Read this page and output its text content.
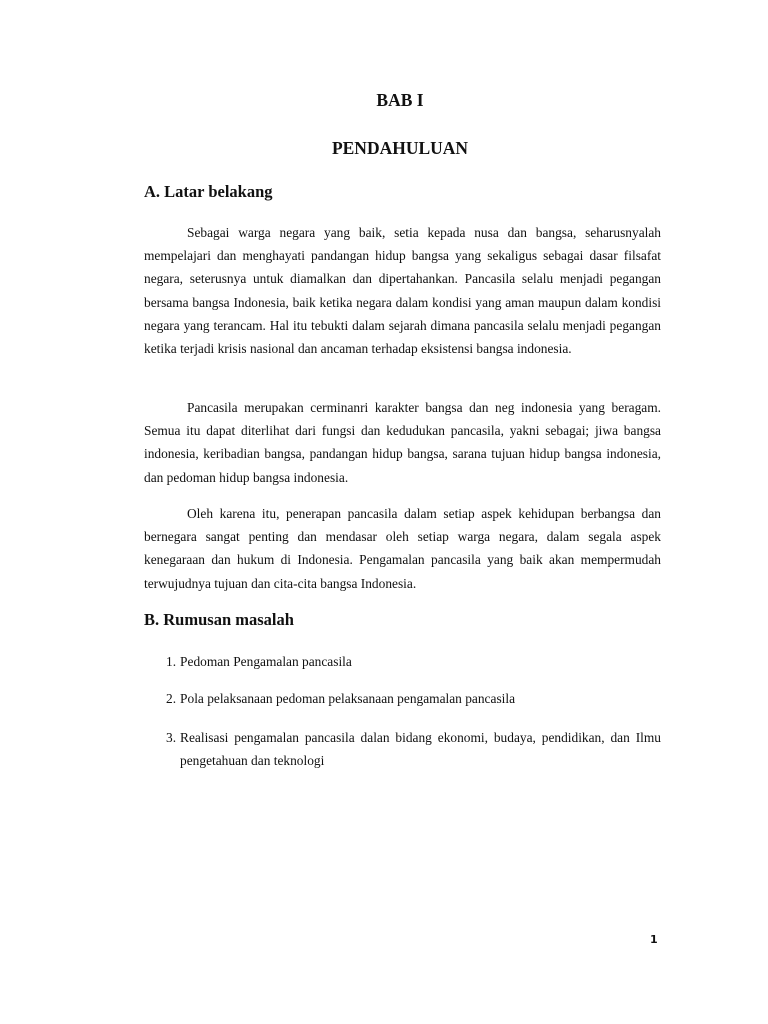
BAB I
PENDAHULUAN
A. Latar belakang

Sebagai warga negara yang baik, setia kepada nusa dan bangsa, seharusnyalah mempelajari dan menghayati pandangan hidup bangsa yang sekaligus sebagai dasar filsafat negara, seterusnya untuk diamalkan dan dipertahankan. Pancasila selalu menjadi pegangan bersama bangsa Indonesia, baik ketika negara dalam kondisi yang aman maupun dalam kondisi negara yang terancam. Hal itu tebukti dalam sejarah dimana pancasila selalu menjadi pegangan ketika terjadi krisis nasional dan ancaman terhadap eksistensi bangsa indonesia.

Pancasila merupakan cerminanri karakter bangsa dan neg indonesia yang beragam. Semua itu dapat diterlihat dari fungsi dan kedudukan pancasila, yakni sebagai; jiwa bangsa indonesia, keribadian bangsa, pandangan hidup bangsa, sarana tujuan hidup bangsa indonesia, dan pedoman hidup bangsa indonesia.

Oleh karena itu, penerapan pancasila dalam setiap aspek kehidupan berbangsa dan bernegara sangat penting dan mendasar oleh setiap warga negara, dalam segala aspek kenegaraan dan hukum di Indonesia. Pengamalan pancasila yang baik akan mempermudah terwujudnya tujuan dan cita-cita bangsa Indonesia.

B. Rumusan masalah
1. Pedoman Pengamalan pancasila
2. Pola pelaksanaan pedoman pelaksanaan pengamalan pancasila
3. Realisasi pengamalan pancasila dalan bidang ekonomi, budaya, pendidikan, dan Ilmu pengetahuan dan teknologi
1
